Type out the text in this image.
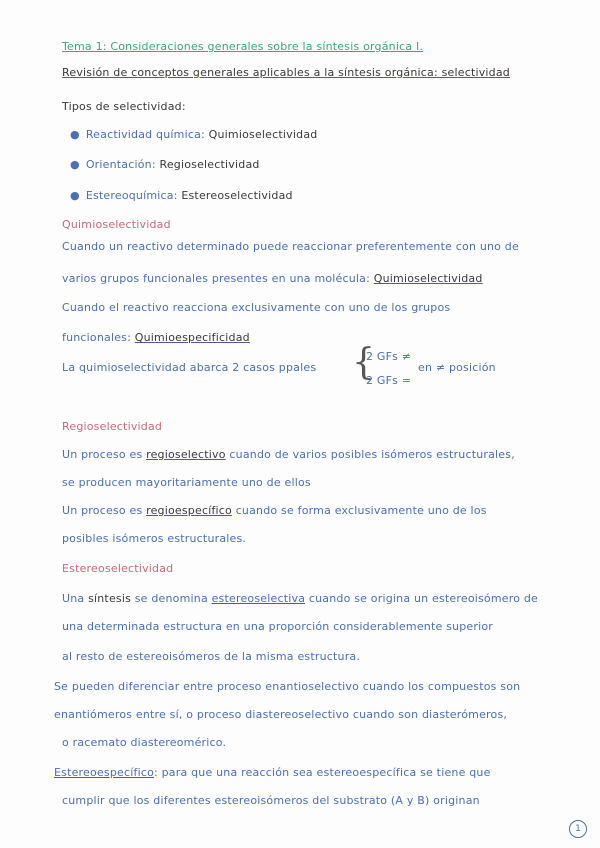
Tema 1: Consideraciones generales sobre la síntesis orgánica I.
Revisión de conceptos generales aplicables a la síntesis orgánica: selectividad
Tipos de selectividad:
● Reactividad química: Quimioselectividad
● Orientación: Regioselectividad
● Estereoquímica: Estereoselectividad
Quimioselectividad
Cuando un reactivo determinado puede reaccionar preferentemente con uno de
varios grupos funcionales presentes en una molécula: Quimioselectividad
Cuando el reactivo reacciona exclusivamente con uno de los grupos
funcionales: Quimioespecificidad
La quimioselectividad abarca 2 casos ppales {
2 GFs ≠
2 GFs =
en ≠ posición
Regioselectividad
Un proceso es regioselectivo cuando de varios posibles isómeros estructurales,
se producen mayoritariamente uno de ellos
Un proceso es regioespecífico cuando se forma exclusivamente uno de los
posibles isómeros estructurales.
Estereoselectividad
Una síntesis se denomina estereoselectiva cuando se origina un estereoisómero de
una determinada estructura en una proporción considerablemente superior
al resto de estereoisómeros de la misma estructura.
Se pueden diferenciar entre proceso enantioselectivo cuando los compuestos son
enantiómeros entre sí, o proceso diastereoselectivo cuando son diasterómeros,
o racemato diastereomérico.
Estereoespecífico: para que una reacción sea estereoespecífica se tiene que
cumplir que los diferentes estereoisómeros del substrato (A y B) originan
1
